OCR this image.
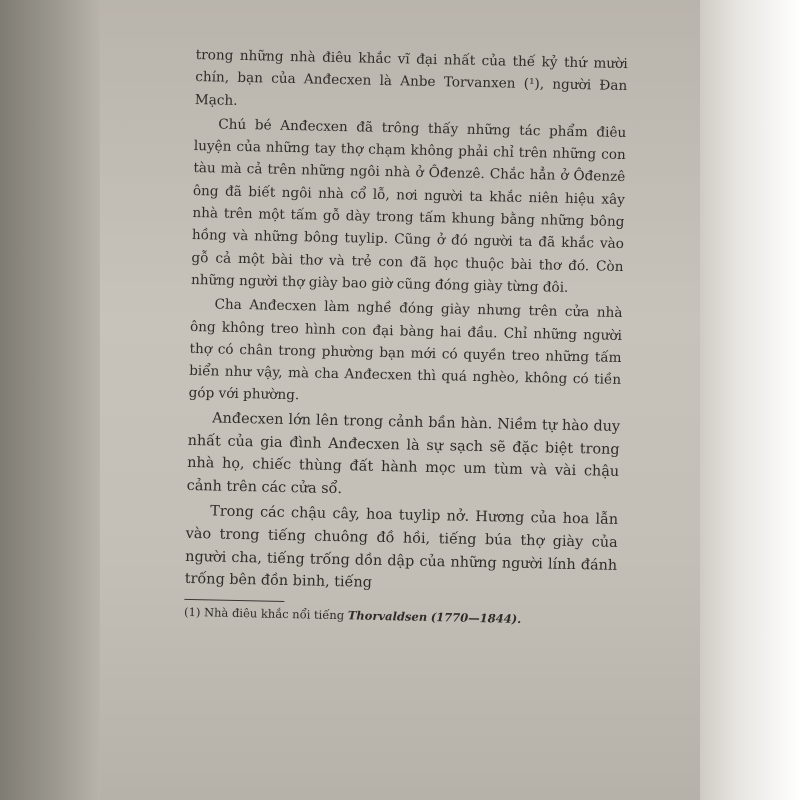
trong những nhà điêu khắc vĩ đại nhất của thế kỷ thứ mười chín, bạn của Anđecxen là Anbe Torvanxen (¹), người Đan Mạch.

Chú bé Anđecxen đã trông thấy những tác phẩm điêu luyện của những tay thợ chạm không phải chỉ trên những con tàu mà cả trên những ngôi nhà ở Ôđenzê. Chắc hẳn ở Ôđenzê ông đã biết ngôi nhà cổ lỗ, nơi người ta khắc niên hiệu xây nhà trên một tấm gỗ dày trong tấm khung bằng những bông hồng và những bông tuylip. Cũng ở đó người ta đã khắc vào gỗ cả một bài thơ và trẻ con đã học thuộc bài thơ đó. Còn những người thợ giày bao giờ cũng đóng giày từng đôi.

Cha Anđecxen làm nghề đóng giày nhưng trên cửa nhà ông không treo hình con đại bàng hai đầu. Chỉ những người thợ có chân trong phường bạn mới có quyền treo những tấm biển như vậy, mà cha Anđecxen thì quá nghèo, không có tiền góp với phường.

Anđecxen lớn lên trong cảnh bần hàn. Niềm tự hào duy nhất của gia đình Anđecxen là sự sạch sẽ đặc biệt trong nhà họ, chiếc thùng đất hành mọc um tùm và vài chậu cảnh trên các cửa sổ.

Trong các chậu cây, hoa tuylip nở. Hương của hoa lẫn vào trong tiếng chuông đồ hồi, tiếng búa thợ giày của người cha, tiếng trống dồn dập của những người lính đánh trống bên đồn binh, tiếng

(1) Nhà điêu khắc nổi tiếng Thorvaldsen (1770—1844).
